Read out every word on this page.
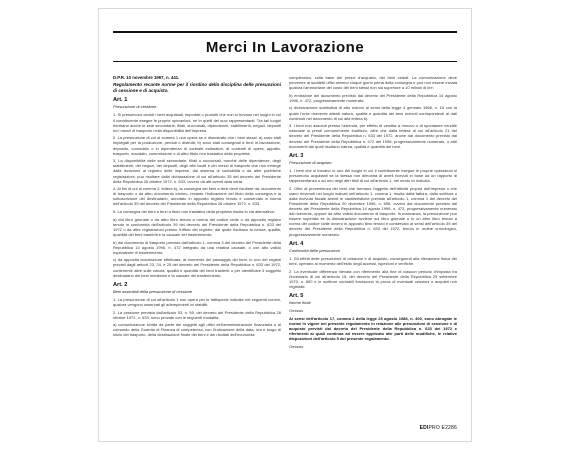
Merci In Lavorazione

D.P.R. 10 novembre 1997, n. 441.

Regolamento recante norme per il riordino della disciplina delle presunzioni di cessione e di acquisto.

Art. 1
Presunzione di cessione

1. Si presumono ceduti i beni acquistati, importati o prodotti che non si trovano nei luoghi in cui il contribuente esegue le proprie operazioni, né in quelli dei suoi rappresentanti. Tra tali luoghi rientrano anche le sedi secondarie, filiali, succursali, dipendenze, stabilimenti, negozi, depositi ed i mezzi di trasporto nella disponibilità dell'impresa.

2. La presunzione di cui al comma 1 non opera se è dimostrato che i beni stessi: a) sono stati impiegati per la produzione, perduti o distrutti; b) sono stati consegnati a terzi in lavorazione, deposito, comodato o in dipendenza di contratti estimatori, di contratti di opera, appalto, trasporto, mandato, commissione o di altro titolo non traslativo della proprietà.

3. La disponibilità delle sedi secondarie, filiali o succursali, nonché delle dipendenze, degli stabilimenti, dei negozi, dei depositi, degli altri locali e dei mezzi di trasporto che non emerge dalla iscrizione al registro delle imprese, dal sistema di contabilità o da altre pubbliche registrazioni, può risultare dalla dichiarazione di cui all'articolo 35 del decreto del Presidente della Repubblica 26 ottobre 1972, n. 633, ovvero da atti aventi data certa.

4. Ai fini di cui al comma 2, lettera b), la consegna dei beni a terzi deve risultare da: documento di trasporto o da altro documento idoneo, recante l'indicazione del titolo della consegna e la sottoscrizione del destinatario, annotato in apposito registro tenuto e conservato a norma dell'articolo 39 del decreto del Presidente della Repubblica 26 ottobre 1972, n. 633.

5. La consegna dei beni a terzi a titolo non traslativo della proprietà risulta in via alternativa:

a) dal libro giornale o da altro libro tenuto a norma del codice civile o da apposito registro tenuto in conformità dell'articolo 39 del decreto del Presidente della Repubblica n. 633 del 1972 o da altre registrazioni presso l'ufficio del registro; dal quale risultano la natura, qualità, quantità dei beni trasferiti e la causale del trasferimento;

b) dal documento di trasporto previsto dall'articolo 1, comma 3 del decreto del Presidente della Repubblica 14 agosto 1996, n. 472 integrato da una relativa causale, o con atto valido equivalente di trasferimento;

c) da apposita annotazione effettuata, al momento del passaggio dei beni, in uno dei registri previsti dagli articoli 23, 24, e 25 del decreto del Presidente della Repubblica n. 633 del 1972, contenente altre sulle natura, qualità e quantità dei beni trasferiti o per identificare il soggetto destinatario dei beni medesimi e la causale del trasferimento.

Art. 2
Beni assimilati della presunzione di cessione

1. La presunzione di cui all'articolo 1 non opera per le fattispecie indicate nei seguenti commi, qualora vengono osservati gli adempimenti ivi stabiliti.

2. La cessione prevista dall'articolo 53, n. 55, del decreto del Presidente della Repubblica 26 ottobre 1972, n. 633, sono provate con le seguenti modalità.

a) comunicazione scritta da parte dei soggetti agli uffici dell'amministrazione finanziaria e al comando della Guardia di Finanza di competenza, con l'indicazione della data, ora e luogo di inizio del trasporto, della destinazione finale dei beni e dei risultati dell'economia

complessivo, sulla base dei prezzi d'acquisto, dei beni ceduti. La comunicazione deve pervenire ai suddetti uffici almeno cinque giorni prima della consegna e può non essere inviata qualora l'ammontare del costo dei beni stessi non sia superiore a 10 milioni di lire;

b) emissione del documento previsto dal decreto del Presidente della Repubblica 14 agosto 1996, n. 472, progressivamente numerato;

c) dichiarazione sostitutiva di atto notorio ai sensi della legge 4 gennaio 1968, n. 15 con la quale l'ente ricevente attesti natura, qualità e quantità dei beni ricevuti corrispondenti ai dati contenuti nel documento di cui alla lettera b).

3. I beni non assoluti presso l'azienda, per effetto di vendita a rinnovo o di spontanee vendite nascoste si presti comunemente inutilizzo, oltre che dalla lettera di cui all'articolo 21 del decreto del Presidente della Repubblica n. 633 del 1972, anche dal documento previsto dal decreto del Presidente della Repubblica n. 472 del 1996, progressivamente numerato, o altri documenti dai quali risultano natura, qualità e quantità dei beni.

Art. 3
Presunzione di acquisto

1. I beni che si trovano in uno dei luoghi in cui il contribuente esegue le proprie operazioni si presumono acquistati se la stessa non dimostra di averli ricevuti in base ad un rapporto di rappresentanza o ad uno degli altri titoli di cui all'articolo 1, nel modo ivi indicato.

2. Oltre al provenienza dei beni che formano l'oggetto dell'attività propria dell'impresa o che siano rinvenuti nei luoghi indicati nell'articolo 1, comma 1, risulta dalla fattura, dalla scrittura o dalla ricevuta fiscale aventi le caratteristiche previste all'articolo 1, comma 1 del decreto del Presidente della Repubblica 20 dicembre 1996, n. 696, ovvero dal documento previsto dal decreto del Presidente della Repubblica 14 agosto 1996, n. 472, progressivamente numerato dal ricevente, oppure da altro valido documento di trasporto. In mancanza, la presunzione può essere superata se la dimostrazione avviene sul libro giornale o in un altro libro tenuto a norma del codice civile ovvero in apposito libro tenuto e conservato ai sensi dell'articolo 39 del decreto del Presidente della Repubblica n. 633 del 1972, tenuto in ordine cronologico, progressivamente numerato.

Art. 4
Conformità delle presunzioni

1. Gli effetti delle presunzioni di cessione e di acquisto, conseguenti alla rilevazione fisica dei beni, operano al momento dell'esito degli accessi, ispezioni e verifiche.

2. La eventuale differenza rilevata con riferimento alla fine di ciascun periodo d'imposta tra l'inventario di cui all'articolo 15, del decreto del Presidente della Repubblica 29 settembre 1973, n. 600 e le scritture contabili forniscono la prova di eventuali cessioni o acquisti non registrati.

Art. 5
Norme finali

Omissis

Ai sensi dell'articolo 17, comma 2 della legge 23 agosto 1988, n. 400, sono abrogate le norme in vigore nel presente regolamento in relazione alle presunzioni di cessione e di acquisto previsti dal decreto del Presidente della Repubblica n. 633 del 1972 e riferimenti ai quali continua ad essere applicato alle parti delle modifiche, le relative disposizioni dell'articolo 5 del presente regolamento.

Omissis

EDIPRO E2286
